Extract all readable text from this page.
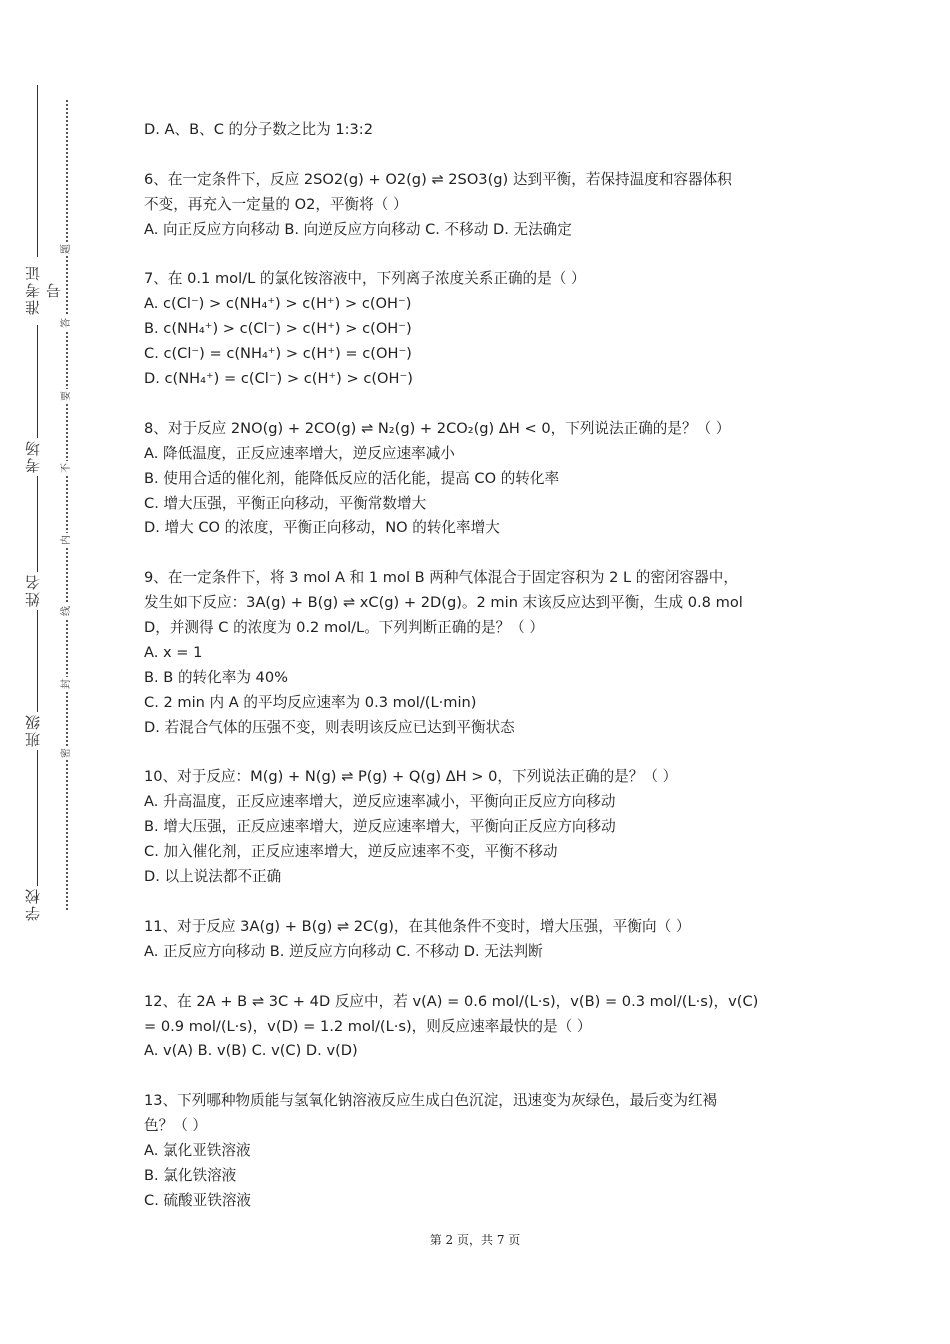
准考证号
考场
姓名
班级
学校
题
答
要
不
内
线
封
密
D. A、B、C 的分子数之比为 1:3:2
6、在一定条件下，反应 2SO2(g) + O2(g) ⇌ 2SO3(g) 达到平衡，若保持温度和容器体积
不变，再充入一定量的 O2，平衡将（ ）
A. 向正反应方向移动 B. 向逆反应方向移动 C. 不移动 D. 无法确定
7、在 0.1 mol/L 的氯化铵溶液中，下列离子浓度关系正确的是（ ）
A. c(Cl⁻) > c(NH₄⁺) > c(H⁺) > c(OH⁻)
B. c(NH₄⁺) > c(Cl⁻) > c(H⁺) > c(OH⁻)
C. c(Cl⁻) = c(NH₄⁺) > c(H⁺) = c(OH⁻)
D. c(NH₄⁺) = c(Cl⁻) > c(H⁺) > c(OH⁻)
8、对于反应 2NO(g) + 2CO(g) ⇌ N₂(g) + 2CO₂(g) ΔH < 0，下列说法正确的是？（ ）
A. 降低温度，正反应速率增大，逆反应速率减小
B. 使用合适的催化剂，能降低反应的活化能，提高 CO 的转化率
C. 增大压强，平衡正向移动，平衡常数增大
D. 增大 CO 的浓度，平衡正向移动，NO 的转化率增大
9、在一定条件下，将 3 mol A 和 1 mol B 两种气体混合于固定容积为 2 L 的密闭容器中，
发生如下反应：3A(g) + B(g) ⇌ xC(g) + 2D(g)。2 min 末该反应达到平衡，生成 0.8 mol
D，并测得 C 的浓度为 0.2 mol/L。下列判断正确的是？（ ）
A. x = 1
B. B 的转化率为 40%
C. 2 min 内 A 的平均反应速率为 0.3 mol/(L·min)
D. 若混合气体的压强不变，则表明该反应已达到平衡状态
10、对于反应：M(g) + N(g) ⇌ P(g) + Q(g) ΔH > 0，下列说法正确的是？（ ）
A. 升高温度，正反应速率增大，逆反应速率减小，平衡向正反应方向移动
B. 增大压强，正反应速率增大，逆反应速率增大，平衡向正反应方向移动
C. 加入催化剂，正反应速率增大，逆反应速率不变，平衡不移动
D. 以上说法都不正确
11、对于反应 3A(g) + B(g) ⇌ 2C(g)，在其他条件不变时，增大压强，平衡向（ ）
A. 正反应方向移动 B. 逆反应方向移动 C. 不移动 D. 无法判断
12、在 2A + B ⇌ 3C + 4D 反应中，若 v(A) = 0.6 mol/(L·s)，v(B) = 0.3 mol/(L·s)，v(C)
= 0.9 mol/(L·s)，v(D) = 1.2 mol/(L·s)，则反应速率最快的是（ ）
A. v(A) B. v(B) C. v(C) D. v(D)
13、下列哪种物质能与氢氧化钠溶液反应生成白色沉淀，迅速变为灰绿色，最后变为红褐
色？（ ）
A. 氯化亚铁溶液
B. 氯化铁溶液
C. 硫酸亚铁溶液
第 2 页，共 7 页
